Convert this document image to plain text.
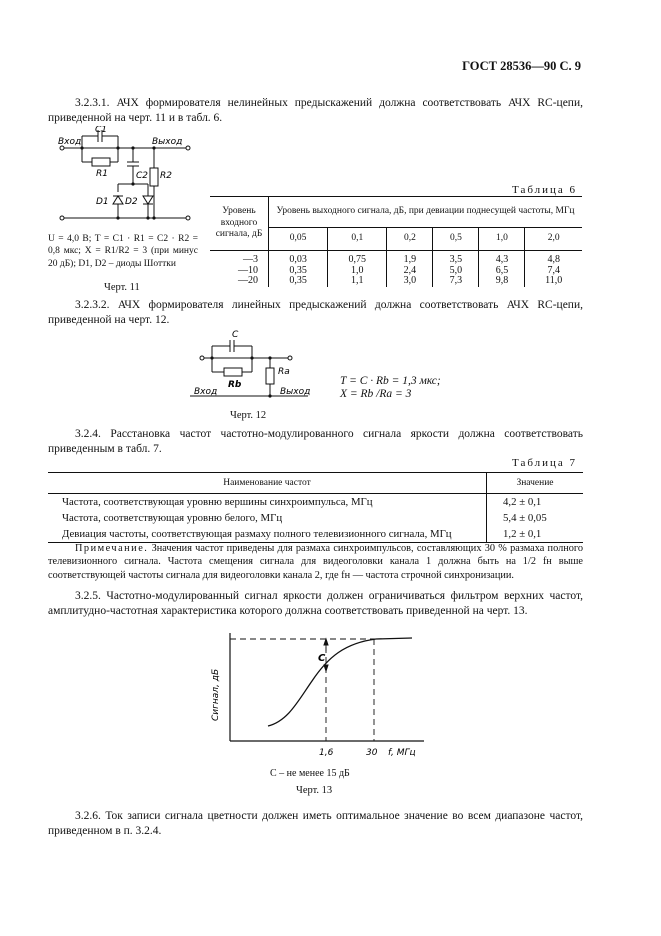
ГОСТ 28536—90 С. 9
3.2.3.1. АЧХ формирователя нелинейных предыскажений должна соответствовать АЧХ RC-цепи, приведенной на черт. 11 и в табл. 6.
Вход	Выход
C1
R1	C2 R2
D1 D2
U = 4,0 В; T = C1 · R1 = C2 · R2 = 0,8 мкс; X = R1/R2 = 3 (при минус 20 дБ); D1, D2 – диоды Шоттки
Черт. 11
Таблица 6
Уровень входного сигнала, дБ	Уровень выходного сигнала, дБ, при девиации поднесущей частоты, МГц					
	0,05	0,1	0,2	0,5	1,0	2,0
—3	0,03	0,75	1,9	3,5	4,3	4,8
—10	0,35	1,0	2,4	5,0	6,5	7,4
—20	0,35	1,1	3,0	7,3	9,8	11,0
3.2.3.2. АЧХ формирователя линейных предыскажений должна соответствовать АЧХ RC-цепи, приведенной на черт. 12.
C
Rb
Ra
Вход	Выход
T = C · Rb = 1,3 мкс;
X = Rb /Ra = 3
Черт. 12
3.2.4. Расстановка частот частотно-модулированного сигнала яркости должна соответствовать приведенным в табл. 7.
Таблица 7
Наименование частот	Значение
Частота, соответствующая уровню вершины синхроимпульса, МГц	4,2 ± 0,1
Частота, соответствующая уровню белого, МГц	5,4 ± 0,05
Девиация частоты, соответствующая размаху полного телевизионного сигнала, МГц	1,2 ± 0,1
Примечание. Значения частот приведены для размаха синхроимпульсов, составляющих 30 % размаха полного телевизионного сигнала. Частота смещения сигнала для видеоголовки канала 1 должна быть на 1/2 fн выше соответствующей частоты сигнала для видеоголовки канала 2, где fн — частота строчной синхронизации.
3.2.5. Частотно-модулированный сигнал яркости должен ограничиваться фильтром верхних частот, амплитудно-частотная характеристика которого должна соответствовать приведенной на черт. 13.
Сигнал, дБ
C
1,6	30 f, МГц
C – не менее 15 дБ
Черт. 13
3.2.6. Ток записи сигнала цветности должен иметь оптимальное значение во всем диапазоне частот, приведенном в п. 3.2.4.
